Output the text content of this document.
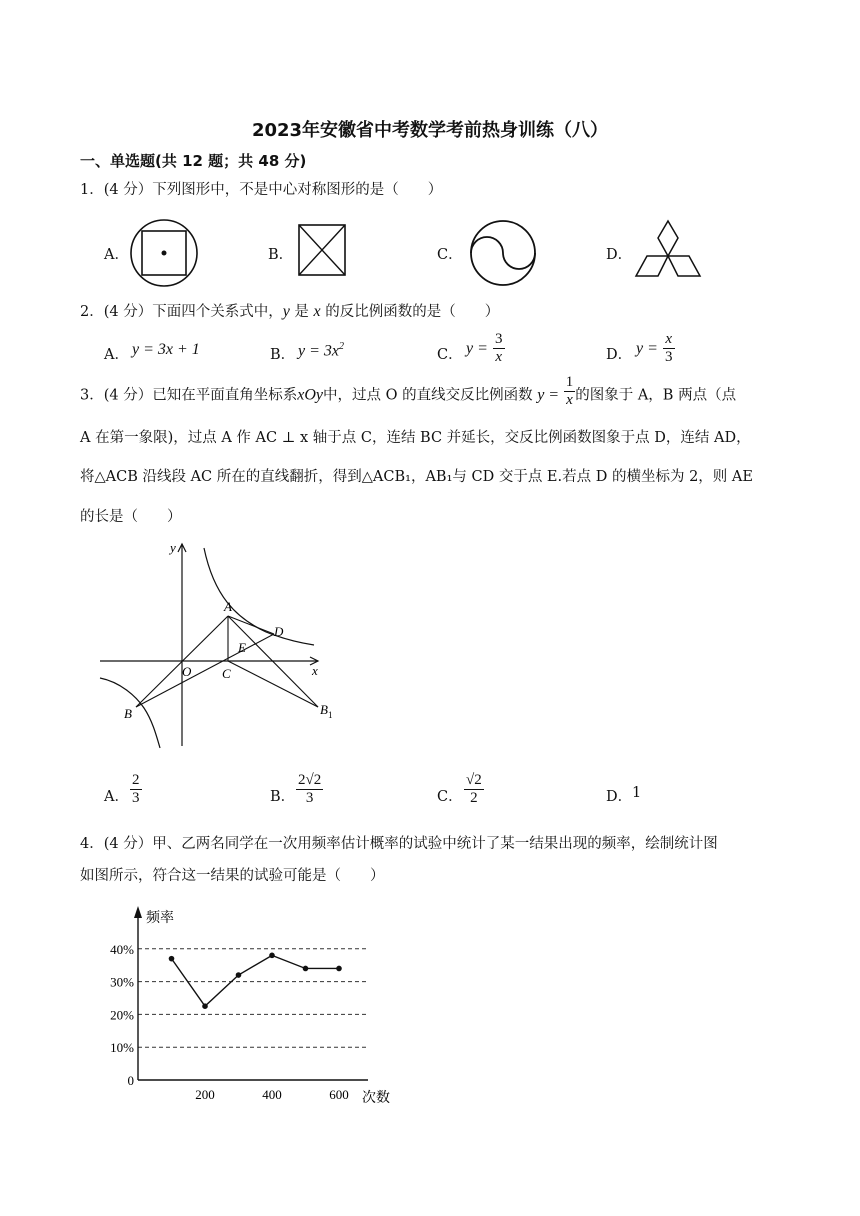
2023年安徽省中考数学考前热身训练（八）
一、单选题(共 12 题；共 48 分)
1．(4 分）下列图形中，不是中心对称图形的是（　　）
A．	B．	C．	D．
2．(4 分）下面四个关系式中，y 是 x 的反比例函数的是（　　）
A． y = 3x + 1	B． $y = 3x^2$
C． $y = \frac{3}{x}$	D． $y = \frac{x}{3}$
3．(4 分）已知在平面直角坐标系xOy中，过点 O 的直线交反比例函数 $y = \frac{1}{x}$ 的图象于 A，B 两点（点
A 在第一象限)，过点 A 作 AC ⊥ x 轴于点 C，连结 BC 并延长，交反比例函数图象于点 D，连结 AD，
将△ACB 沿线段 AC 所在的直线翻折，得到△ACB₁，AB₁与 CD 交于点 E.若点 D 的横坐标为 2，则 AE
的长是（　　）
y
x
A
D
E
O C
B	$B_1$
A． $\frac{2}{3}$	B． $\frac{2√2}{3}$	C． $\frac{√2}{2}$	D． 1
4．(4 分）甲、乙两名同学在一次用频率估计概率的试验中统计了某一结果出现的频率，绘制统计图
如图所示，符合这一结果的试验可能是（　　）
0
10%
20%
30%
40%
200	400	600
频率
次数
